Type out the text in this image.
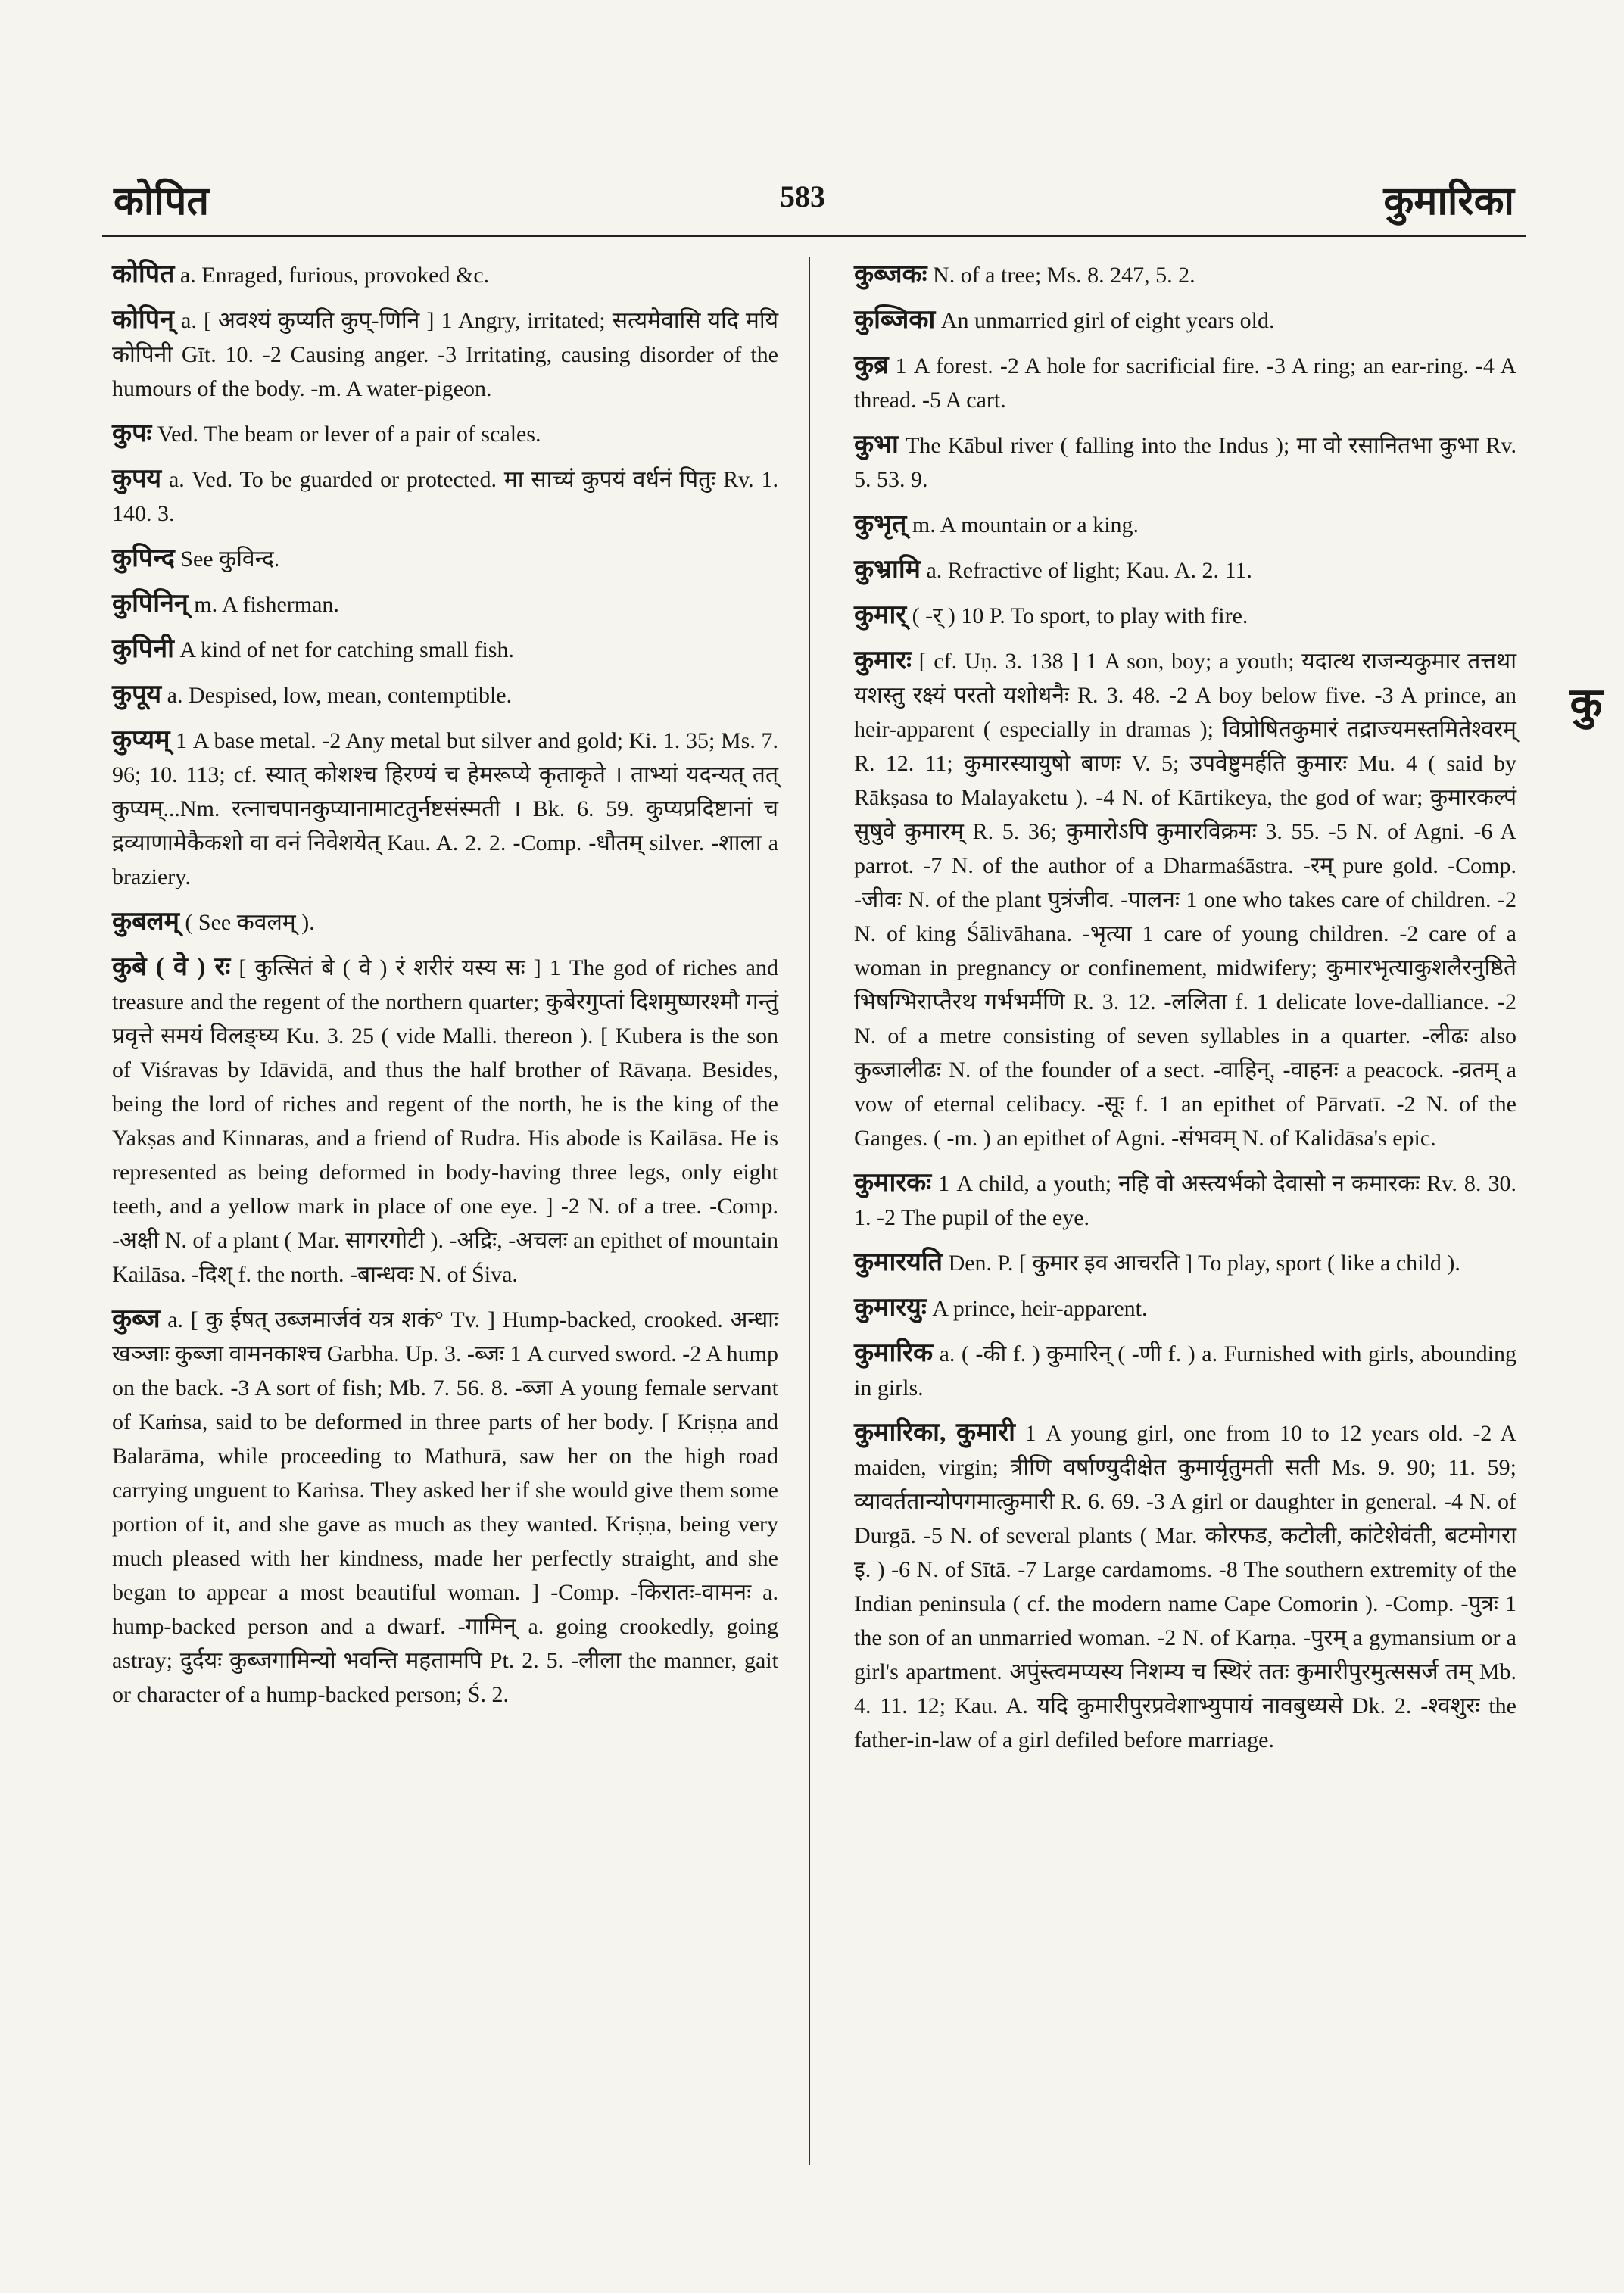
कोपित	583	कुमारिका

कोपित a. Enraged, furious, provoked &c.

कोपिन् a. [ अवश्यं कुप्यति कुप्-णिनि ] 1 Angry, irritated; सत्यमेवासि यदि मयि कोपिनी Gīt. 10. -2 Causing anger. -3 Irritating, causing disorder of the humours of the body. -m. A water-pigeon.

कुपः Ved. The beam or lever of a pair of scales.

कुपय a. Ved. To be guarded or protected. मा साच्यं कुपयं वर्धनं पितुः Rv. 1. 140. 3.

कुपिन्द See कुविन्द.

कुपिनिन् m. A fisherman.

कुपिनी A kind of net for catching small fish.

कुपूय a. Despised, low, mean, contemptible.

कुप्यम् 1 A base metal. -2 Any metal but silver and gold; Ki. 1. 35; Ms. 7. 96; 10. 113; cf. स्यात् कोशश्च हिरण्यं च हेमरूप्ये कृताकृते । ताभ्यां यदन्यत् तत् कुप्यम्...Nm. रत्नाचपानकुप्यानामाटतुर्नष्टसंस्मती । Bk. 6. 59. कुप्यप्रदिष्टानां च द्रव्याणामेकैकशो वा वनं निवेशयेत् Kau. A. 2. 2. -Comp. -धौतम् silver. -शाला a braziery.

कुबलम् ( See कवलम् ).

कुबे ( वे ) रः [ कुत्सितं बे ( वे ) रं शरीरं यस्य सः ] 1 The god of riches and treasure and the regent of the northern quarter; कुबेरगुप्तां दिशमुष्णरश्मौ गन्तुं प्रवृत्ते समयं विलङ्घ्य Ku. 3. 25 ( vide Malli. thereon ). [ Kubera is the son of Viśravas by Idāvidā, and thus the half brother of Rāvaṇa. Besides, being the lord of riches and regent of the north, he is the king of the Yakṣas and Kinnaras, and a friend of Rudra. His abode is Kailāsa. He is represented as being deformed in body-having three legs, only eight teeth, and a yellow mark in place of one eye. ] -2 N. of a tree. -Comp. -अक्षी N. of a plant ( Mar. सागरगोटी ). -अद्रिः, -अचलः an epithet of mountain Kailāsa. -दिश् f. the north. -बान्धवः N. of Śiva.

कुब्ज a. [ कु ईषत् उब्जमार्जवं यत्र शकं° Tv. ] Hump-backed, crooked. अन्धाः खञ्जाः कुब्जा वामनकाश्च Garbha. Up. 3. -ब्जः 1 A curved sword. -2 A hump on the back. -3 A sort of fish; Mb. 7. 56. 8. -ब्जा A young female servant of Kaṁsa, said to be deformed in three parts of her body. [ Kriṣṇa and Balarāma, while proceeding to Mathurā, saw her on the high road carrying unguent to Kaṁsa. They asked her if she would give them some portion of it, and she gave as much as they wanted. Kriṣṇa, being very much pleased with her kindness, made her perfectly straight, and she began to appear a most beautiful woman. ] -Comp. -किरातः-वामनः a. hump-backed person and a dwarf. -गामिन् a. going crookedly, going astray; दुर्दयः कुब्जगामिन्यो भवन्ति महतामपि Pt. 2. 5. -लीला the manner, gait or character of a hump-backed person; Ś. 2.

कुब्जकः N. of a tree; Ms. 8. 247, 5. 2.

कुब्जिका An unmarried girl of eight years old.

कुब्र 1 A forest. -2 A hole for sacrificial fire. -3 A ring; an ear-ring. -4 A thread. -5 A cart.

कुभा The Kābul river ( falling into the Indus ); मा वो रसानितभा कुभा Rv. 5. 53. 9.

कुभृत् m. A mountain or a king.

कुभ्रामि a. Refractive of light; Kau. A. 2. 11.

कुमार् ( -र् ) 10 P. To sport, to play with fire.

कुमारः [ cf. Uṇ. 3. 138 ] 1 A son, boy; a youth; यदात्थ राजन्यकुमार तत्तथा यशस्तु रक्ष्यं परतो यशोधनैः R. 3. 48. -2 A boy below five. -3 A prince, an heir-apparent ( especially in dramas ); विप्रोषितकुमारं तद्राज्यमस्तमितेश्वरम् R. 12. 11; कुमारस्यायुषो बाणः V. 5; उपवेष्टुमर्हति कुमारः Mu. 4 ( said by Rākṣasa to Malayaketu ). -4 N. of Kārtikeya, the god of war; कुमारकल्पं सुषुवे कुमारम् R. 5. 36; कुमारोऽपि कुमारविक्रमः 3. 55. -5 N. of Agni. -6 A parrot. -7 N. of the author of a Dharmaśāstra. -रम् pure gold. -Comp. -जीवः N. of the plant पुत्रंजीव. -पालनः 1 one who takes care of children. -2 N. of king Śālivāhana. -भृत्या 1 care of young children. -2 care of a woman in pregnancy or confinement, midwifery; कुमारभृत्याकुशलैरनुष्ठिते भिषग्भिराप्तैरथ गर्भभर्मणि R. 3. 12. -ललिता f. 1 delicate love-dalliance. -2 N. of a metre consisting of seven syllables in a quarter. -लीढः also कुब्जालीढः N. of the founder of a sect. -वाहिन्, -वाहनः a peacock. -व्रतम् a vow of eternal celibacy. -सूः f. 1 an epithet of Pārvatī. -2 N. of the Ganges. ( -m. ) an epithet of Agni. -संभवम् N. of Kalidāsa's epic.

कुमारकः 1 A child, a youth; नहि वो अस्त्यर्भको देवासो न कमारकः Rv. 8. 30. 1. -2 The pupil of the eye.

कुमारयति Den. P. [ कुमार इव आचरति ] To play, sport ( like a child ).

कुमारयुः A prince, heir-apparent.

कुमारिक a. ( -की f. ) कुमारिन् ( -णी f. ) a. Furnished with girls, abounding in girls.

कुमारिका, कुमारी 1 A young girl, one from 10 to 12 years old. -2 A maiden, virgin; त्रीणि वर्षाण्युदीक्षेत कुमार्यृतुमती सती Ms. 9. 90; 11. 59; व्यावर्ततान्योपगमात्कुमारी R. 6. 69. -3 A girl or daughter in general. -4 N. of Durgā. -5 N. of several plants ( Mar. कोरफड, कटोली, कांटेशेवंती, बटमोगरा इ. ) -6 N. of Sītā. -7 Large cardamoms. -8 The southern extremity of the Indian peninsula ( cf. the modern name Cape Comorin ). -Comp. -पुत्रः 1 the son of an unmarried woman. -2 N. of Karṇa. -पुरम् a gymansium or a girl's apartment. अपुंस्त्वमप्यस्य निशम्य च स्थिरं ततः कुमारीपुरमुत्ससर्ज तम् Mb. 4. 11. 12; Kau. A. यदि कुमारीपुरप्रवेशाभ्युपायं नावबुध्यसे Dk. 2. -श्वशुरः the father-in-law of a girl defiled before marriage.

कु
